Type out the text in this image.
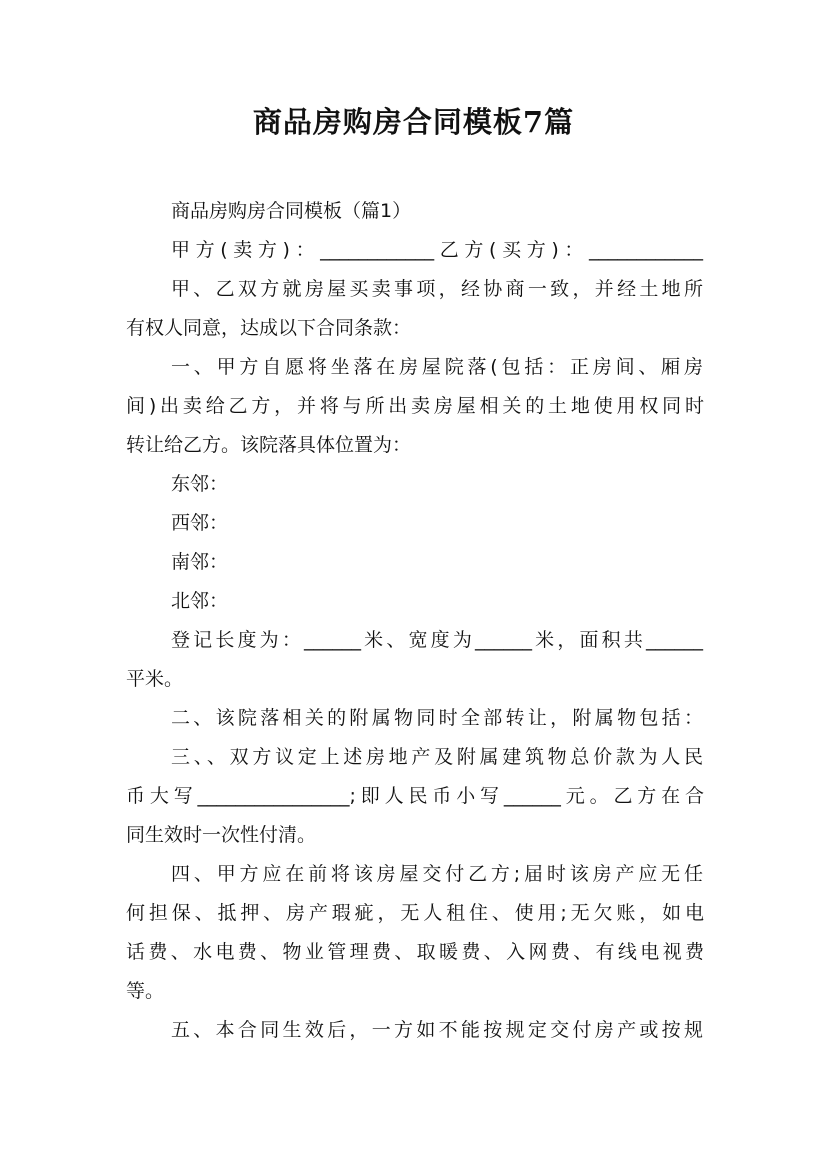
商品房购房合同模板7篇
商品房购房合同模板（篇1）
甲方(卖方)：____________乙方(买方)：____________
甲、乙双方就房屋买卖事项，经协商一致，并经土地所
有权人同意，达成以下合同条款：
一、甲方自愿将坐落在房屋院落(包括：正房间、厢房
间)出卖给乙方，并将与所出卖房屋相关的土地使用权同时
转让给乙方。该院落具体位置为：
东邻：
西邻：
南邻：
北邻：
登记长度为：______米、宽度为______米，面积共______
平米。
二、该院落相关的附属物同时全部转让，附属物包括：
三、、双方议定上述房地产及附属建筑物总价款为人民
币大写________________;即人民币小写______元。乙方在合
同生效时一次性付清。
四、甲方应在前将该房屋交付乙方;届时该房产应无任
何担保、抵押、房产瑕疵，无人租住、使用;无欠账，如电
话费、水电费、物业管理费、取暖费、入网费、有线电视费
等。
五、本合同生效后，一方如不能按规定交付房产或按规
